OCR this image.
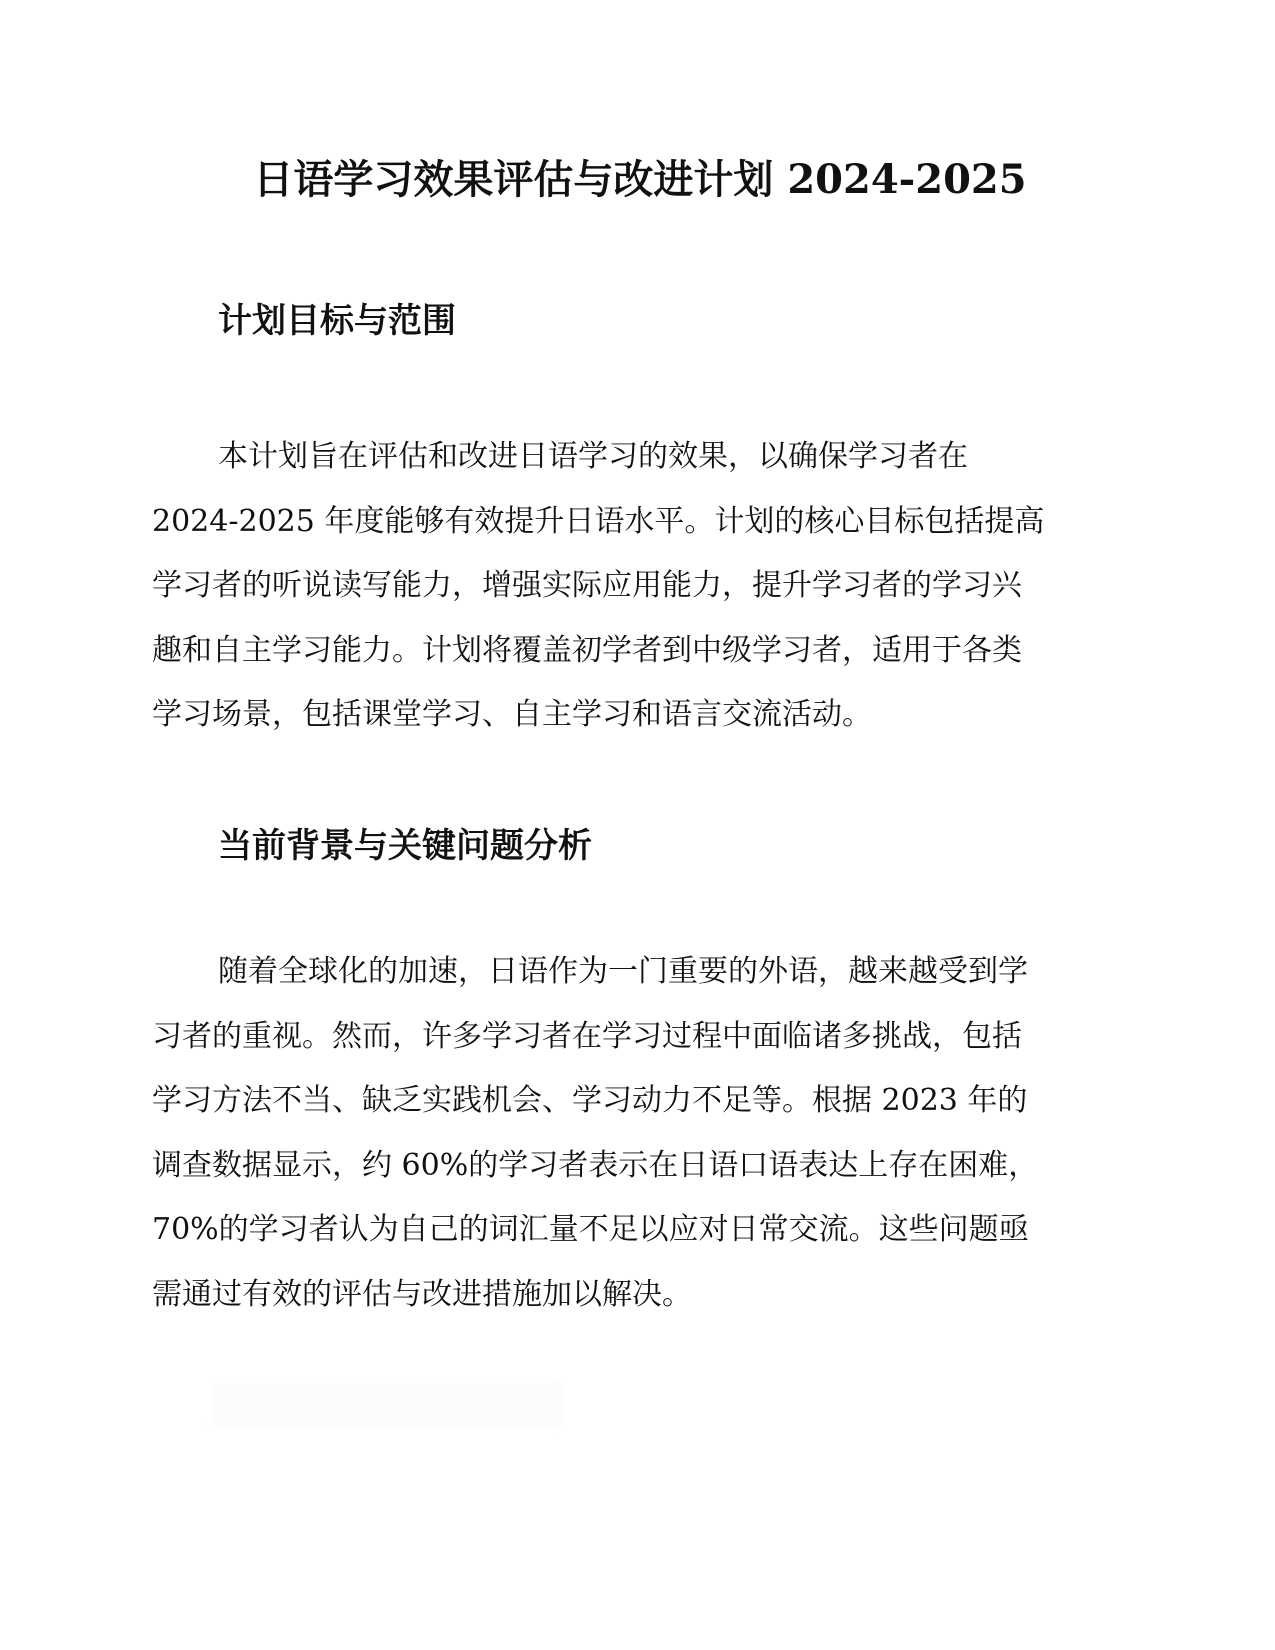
日语学习效果评估与改进计划 2024-2025
计划目标与范围
本计划旨在评估和改进日语学习的效果，以确保学习者在
2024-2025 年度能够有效提升日语水平。计划的核心目标包括提高
学习者的听说读写能力，增强实际应用能力，提升学习者的学习兴
趣和自主学习能力。计划将覆盖初学者到中级学习者，适用于各类
学习场景，包括课堂学习、自主学习和语言交流活动。
当前背景与关键问题分析
随着全球化的加速，日语作为一门重要的外语，越来越受到学
习者的重视。然而，许多学习者在学习过程中面临诸多挑战，包括
学习方法不当、缺乏实践机会、学习动力不足等。根据 2023 年的
调查数据显示，约 60%的学习者表示在日语口语表达上存在困难，
70%的学习者认为自己的词汇量不足以应对日常交流。这些问题亟
需通过有效的评估与改进措施加以解决。
